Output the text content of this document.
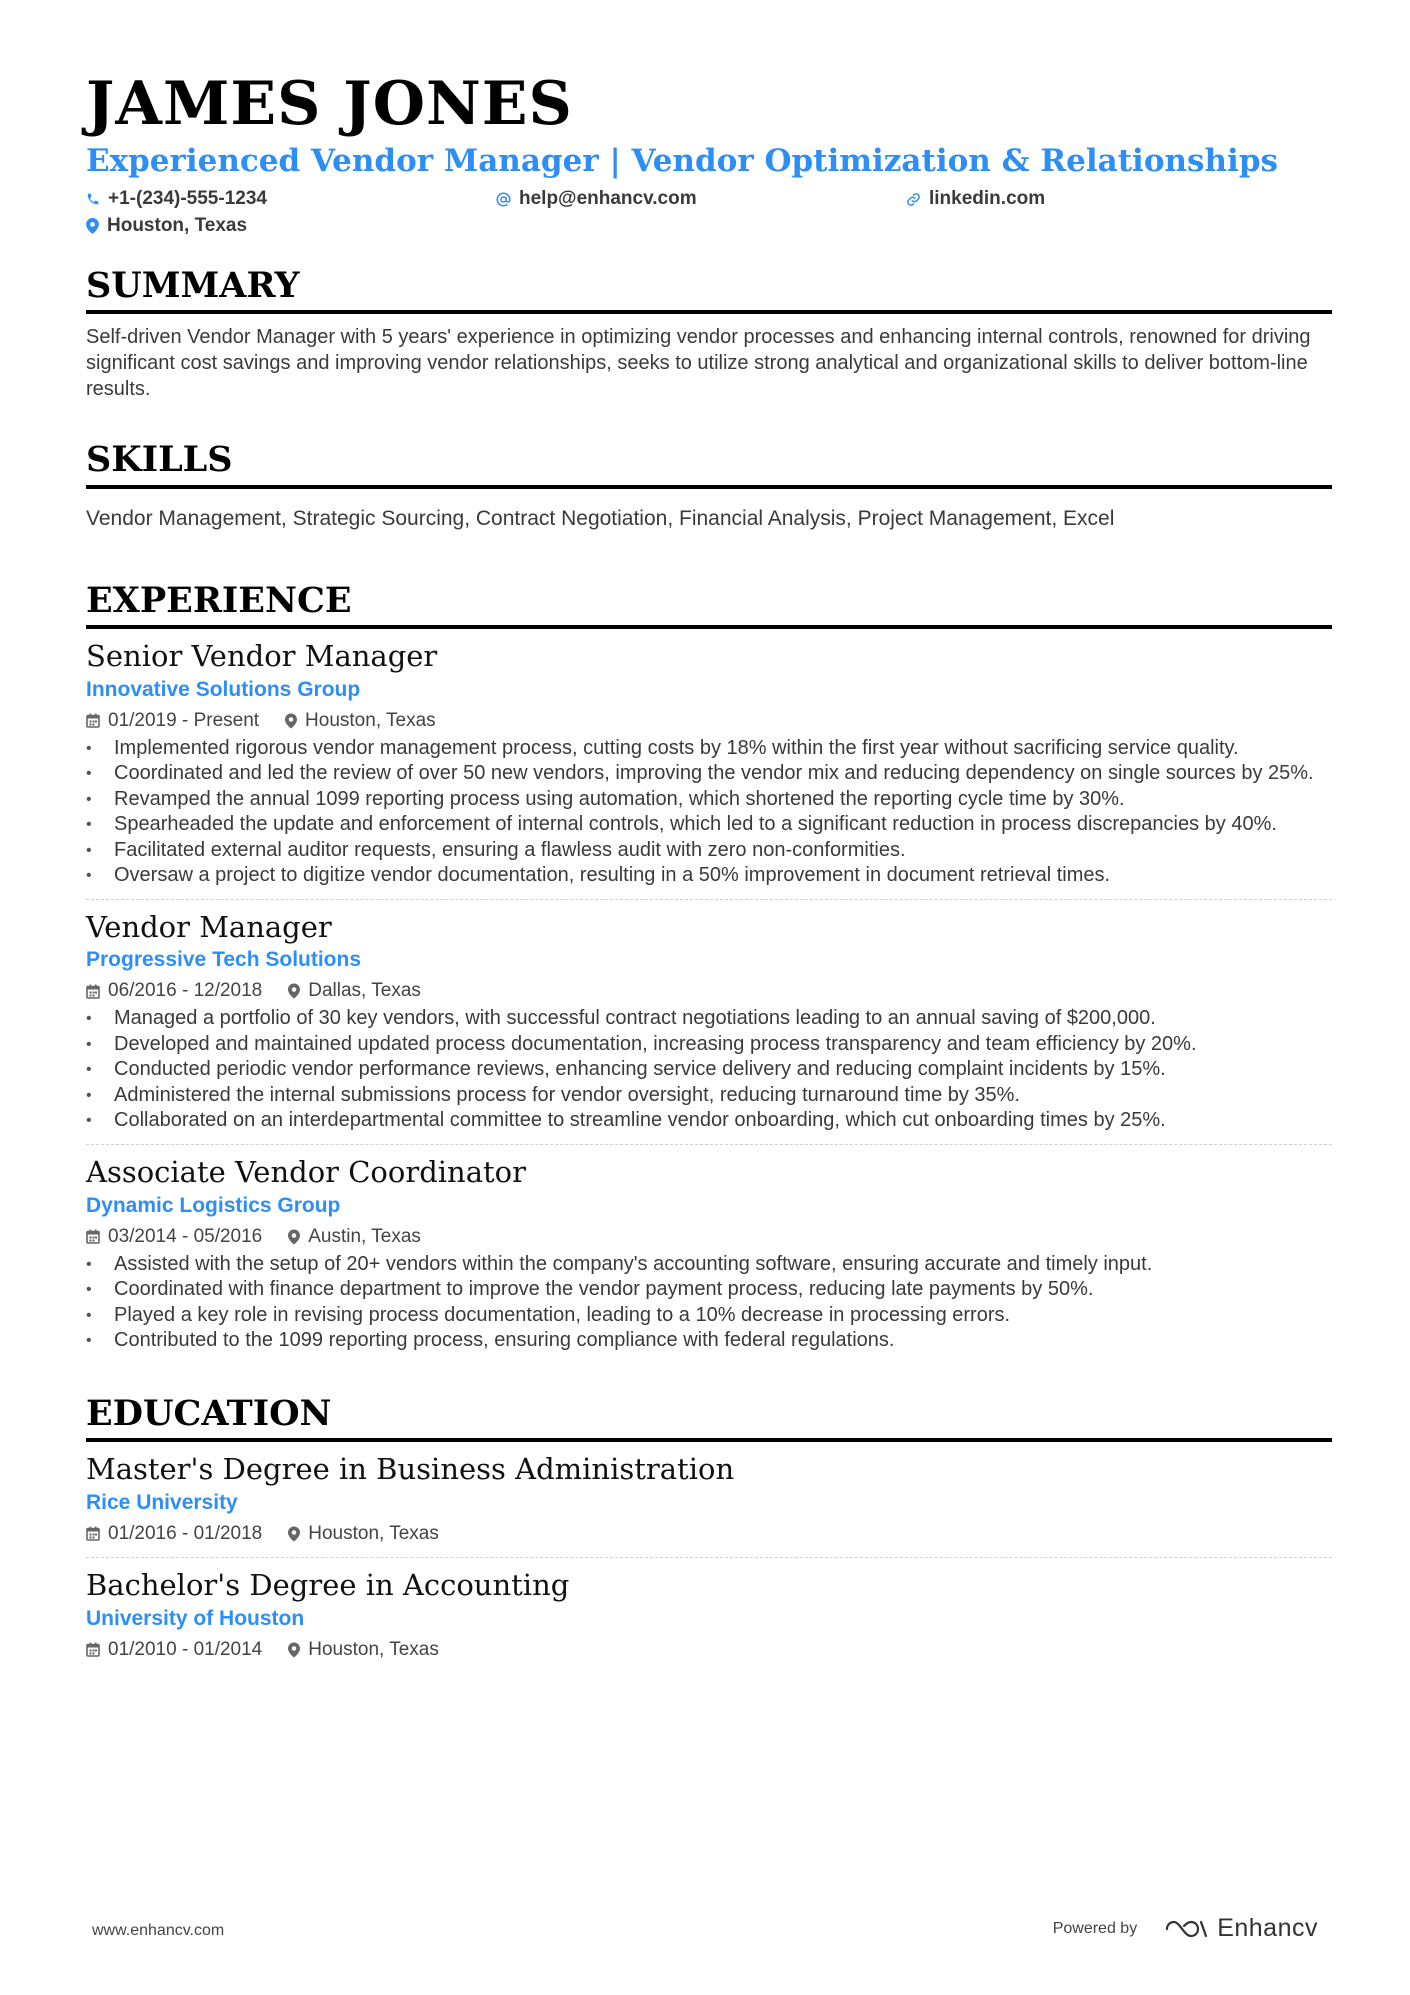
JAMES JONES
Experienced Vendor Manager | Vendor Optimization & Relationships
+1-(234)-555-1234	help@enhancv.com	linkedin.com
Houston, Texas
SUMMARY
Self-driven Vendor Manager with 5 years' experience in optimizing vendor processes and enhancing internal controls, renowned for driving significant cost savings and improving vendor relationships, seeks to utilize strong analytical and organizational skills to deliver bottom-line results.
SKILLS
Vendor Management, Strategic Sourcing, Contract Negotiation, Financial Analysis, Project Management, Excel
EXPERIENCE
Senior Vendor Manager
Innovative Solutions Group
01/2019 - Present Houston, Texas
• Implemented rigorous vendor management process, cutting costs by 18% within the first year without sacrificing service quality.
• Coordinated and led the review of over 50 new vendors, improving the vendor mix and reducing dependency on single sources by 25%.
• Revamped the annual 1099 reporting process using automation, which shortened the reporting cycle time by 30%.
• Spearheaded the update and enforcement of internal controls, which led to a significant reduction in process discrepancies by 40%.
• Facilitated external auditor requests, ensuring a flawless audit with zero non-conformities.
• Oversaw a project to digitize vendor documentation, resulting in a 50% improvement in document retrieval times.
Vendor Manager
Progressive Tech Solutions
06/2016 - 12/2018 Dallas, Texas
• Managed a portfolio of 30 key vendors, with successful contract negotiations leading to an annual saving of $200,000.
• Developed and maintained updated process documentation, increasing process transparency and team efficiency by 20%.
• Conducted periodic vendor performance reviews, enhancing service delivery and reducing complaint incidents by 15%.
• Administered the internal submissions process for vendor oversight, reducing turnaround time by 35%.
• Collaborated on an interdepartmental committee to streamline vendor onboarding, which cut onboarding times by 25%.
Associate Vendor Coordinator
Dynamic Logistics Group
03/2014 - 05/2016 Austin, Texas
• Assisted with the setup of 20+ vendors within the company's accounting software, ensuring accurate and timely input.
• Coordinated with finance department to improve the vendor payment process, reducing late payments by 50%.
• Played a key role in revising process documentation, leading to a 10% decrease in processing errors.
• Contributed to the 1099 reporting process, ensuring compliance with federal regulations.
EDUCATION
Master's Degree in Business Administration
Rice University
01/2016 - 01/2018 Houston, Texas
Bachelor's Degree in Accounting
University of Houston
01/2010 - 01/2014 Houston, Texas
www.enhancv.com	Powered by	Enhancv
